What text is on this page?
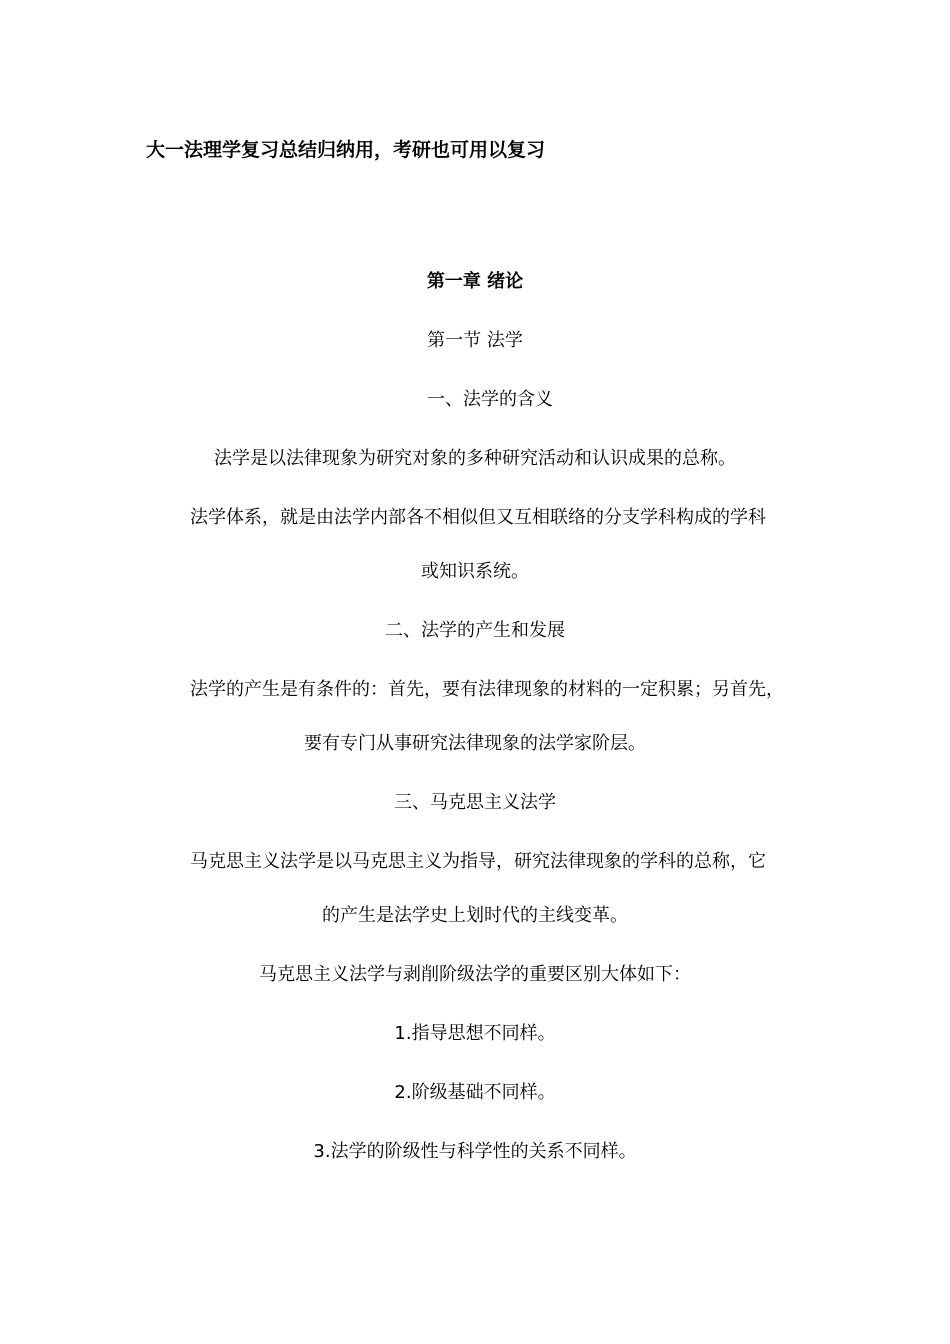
大一法理学复习总结归纳用，考研也可用以复习
第一章 绪论
第一节 法学
一、法学的含义
法学是以法律现象为研究对象的多种研究活动和认识成果的总称。
法学体系，就是由法学内部各不相似但又互相联络的分支学科构成的学科
或知识系统。
二、法学的产生和发展
法学的产生是有条件的：首先，要有法律现象的材料的一定积累；另首先，
要有专门从事研究法律现象的法学家阶层。
三、马克思主义法学
马克思主义法学是以马克思主义为指导，研究法律现象的学科的总称，它
的产生是法学史上划时代的主线变革。
马克思主义法学与剥削阶级法学的重要区别大体如下：
1.指导思想不同样。
2.阶级基础不同样。
3.法学的阶级性与科学性的关系不同样。
